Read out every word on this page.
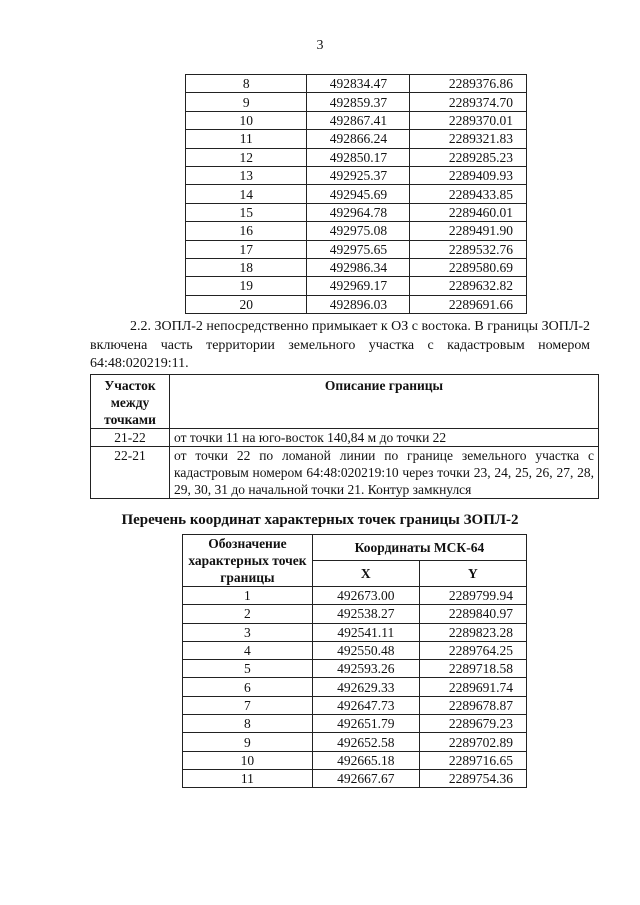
3
8	492834.47	2289376.86
9	492859.37	2289374.70
10	492867.41	2289370.01
11	492866.24	2289321.83
12	492850.17	2289285.23
13	492925.37	2289409.93
14	492945.69	2289433.85
15	492964.78	2289460.01
16	492975.08	2289491.90
17	492975.65	2289532.76
18	492986.34	2289580.69
19	492969.17	2289632.82
20	492896.03	2289691.66
2.2. ЗОПЛ-2 непосредственно примыкает к ОЗ с востока. В границы ЗОПЛ-2 включена часть территории земельного участка с кадастровым номером 64:48:020219:11.
Участок между точками	Описание границы
21-22	от точки 11 на юго-восток 140,84 м до точки 22
22-21	от точки 22 по ломаной линии по границе земельного участка с кадастровым номером 64:48:020219:10 через точки 23, 24, 25, 26, 27, 28, 29, 30, 31 до начальной точки 21. Контур замкнулся
Перечень координат характерных точек границы ЗОПЛ-2
Обозначение характерных точек границы	Координаты МСК-64	
	X	Y
1	492673.00	2289799.94
2	492538.27	2289840.97
3	492541.11	2289823.28
4	492550.48	2289764.25
5	492593.26	2289718.58
6	492629.33	2289691.74
7	492647.73	2289678.87
8	492651.79	2289679.23
9	492652.58	2289702.89
10	492665.18	2289716.65
11	492667.67	2289754.36
